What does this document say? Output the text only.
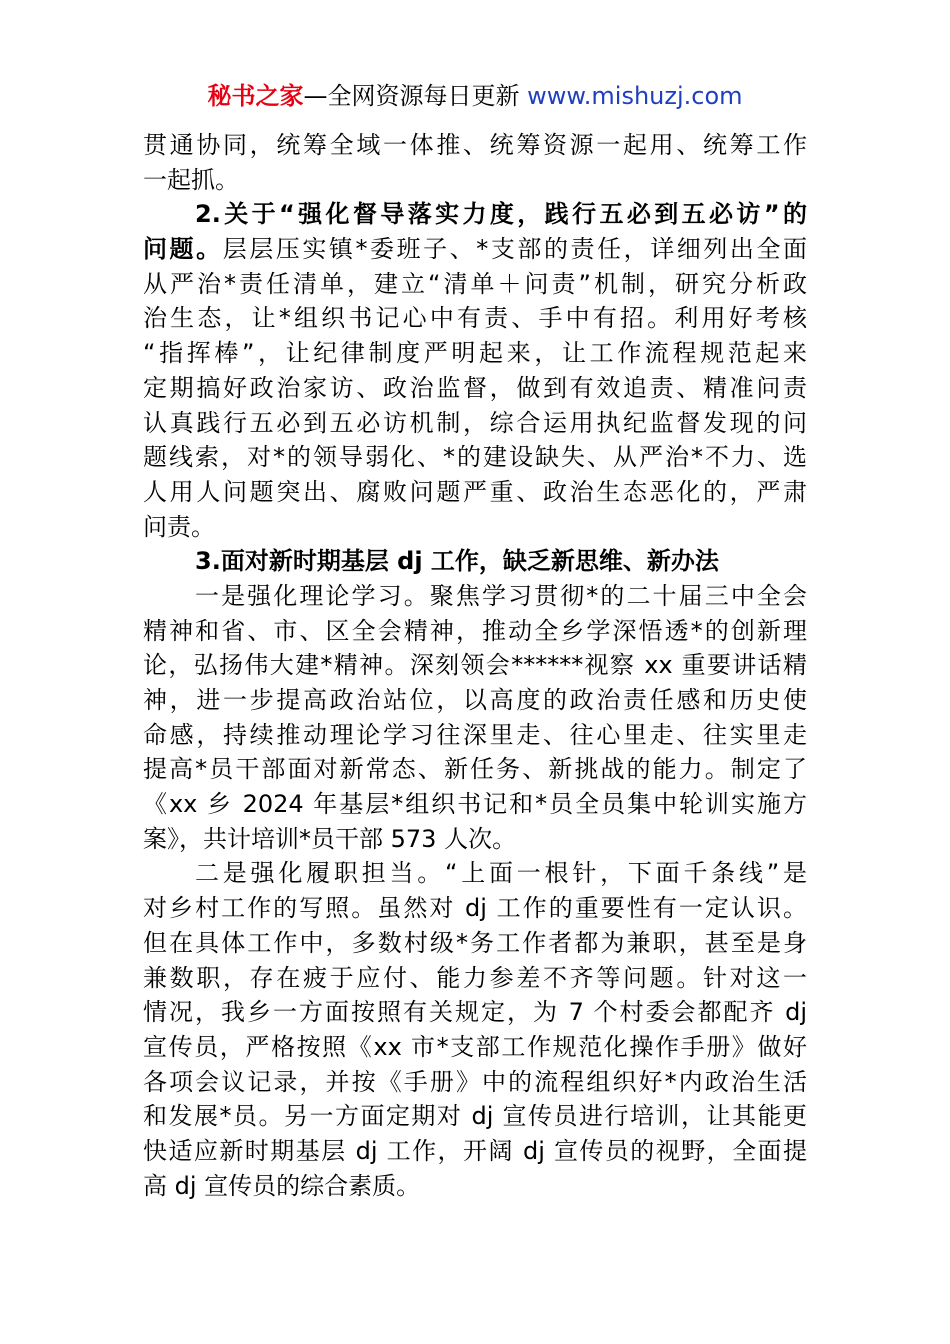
秘书之家—全网资源每日更新 www.mishuzj.com
贯通协同，统筹全域一体推、统筹资源一起用、统筹工作
一起抓。
2.关于“强化督导落实力度，践行五必到五必访”的
问题。层层压实镇*委班子、*支部的责任，详细列出全面
从严治*责任清单，建立“清单＋问责”机制，研究分析政
治生态，让*组织书记心中有责、手中有招。利用好考核
“指挥棒”，让纪律制度严明起来，让工作流程规范起来
定期搞好政治家访、政治监督，做到有效追责、精准问责
认真践行五必到五必访机制，综合运用执纪监督发现的问
题线索，对*的领导弱化、*的建设缺失、从严治*不力、选
人用人问题突出、腐败问题严重、政治生态恶化的，严肃
问责。
3.面对新时期基层 dj 工作，缺乏新思维、新办法
一是强化理论学习。聚焦学习贯彻*的二十届三中全会
精神和省、市、区全会精神，推动全乡学深悟透*的创新理
论，弘扬伟大建*精神。深刻领会******视察 xx 重要讲话精
神，进一步提高政治站位，以高度的政治责任感和历史使
命感，持续推动理论学习往深里走、往心里走、往实里走
提高*员干部面对新常态、新任务、新挑战的能力。制定了
《xx 乡 2024 年基层*组织书记和*员全员集中轮训实施方
案》，共计培训*员干部 573 人次。
二是强化履职担当。“上面一根针，下面千条线”是
对乡村工作的写照。虽然对 dj 工作的重要性有一定认识。
但在具体工作中，多数村级*务工作者都为兼职，甚至是身
兼数职，存在疲于应付、能力参差不齐等问题。针对这一
情况，我乡一方面按照有关规定，为 7 个村委会都配齐 dj
宣传员，严格按照《xx 市*支部工作规范化操作手册》做好
各项会议记录，并按《手册》中的流程组织好*内政治生活
和发展*员。另一方面定期对 dj 宣传员进行培训，让其能更
快适应新时期基层 dj 工作，开阔 dj 宣传员的视野，全面提
高 dj 宣传员的综合素质。
